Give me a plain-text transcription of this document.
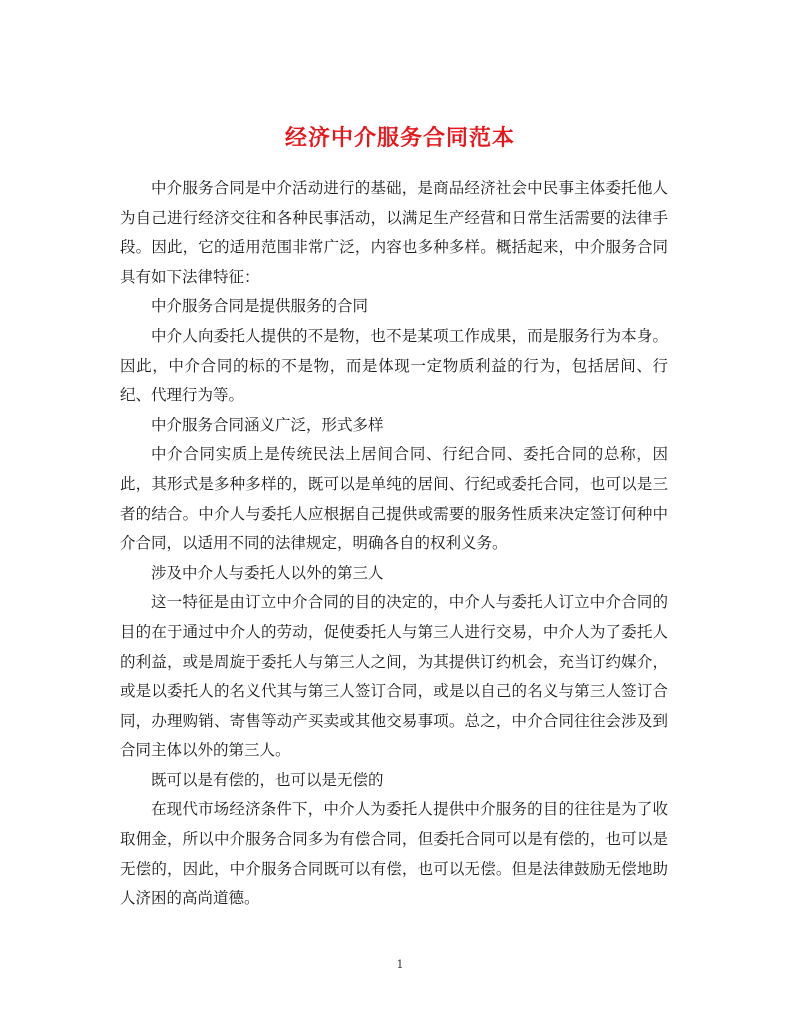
经济中介服务合同范本

中介服务合同是中介活动进行的基础，是商品经济社会中民事主体委托他人为自己进行经济交往和各种民事活动，以满足生产经营和日常生活需要的法律手段。因此，它的适用范围非常广泛，内容也多种多样。概括起来，中介服务合同具有如下法律特征：

中介服务合同是提供服务的合同

中介人向委托人提供的不是物，也不是某项工作成果，而是服务行为本身。因此，中介合同的标的不是物，而是体现一定物质利益的行为，包括居间、行纪、代理行为等。

中介服务合同涵义广泛，形式多样

中介合同实质上是传统民法上居间合同、行纪合同、委托合同的总称，因此，其形式是多种多样的，既可以是单纯的居间、行纪或委托合同，也可以是三者的结合。中介人与委托人应根据自己提供或需要的服务性质来决定签订何种中介合同，以适用不同的法律规定，明确各自的权利义务。

涉及中介人与委托人以外的第三人

这一特征是由订立中介合同的目的决定的，中介人与委托人订立中介合同的目的在于通过中介人的劳动，促使委托人与第三人进行交易，中介人为了委托人的利益，或是周旋于委托人与第三人之间，为其提供订约机会，充当订约媒介，或是以委托人的名义代其与第三人签订合同，或是以自己的名义与第三人签订合同，办理购销、寄售等动产买卖或其他交易事项。总之，中介合同往往会涉及到合同主体以外的第三人。

既可以是有偿的，也可以是无偿的

在现代市场经济条件下，中介人为委托人提供中介服务的目的往往是为了收取佣金，所以中介服务合同多为有偿合同，但委托合同可以是有偿的，也可以是无偿的，因此，中介服务合同既可以有偿，也可以无偿。但是法律鼓励无偿地助人济困的高尚道德。

1
